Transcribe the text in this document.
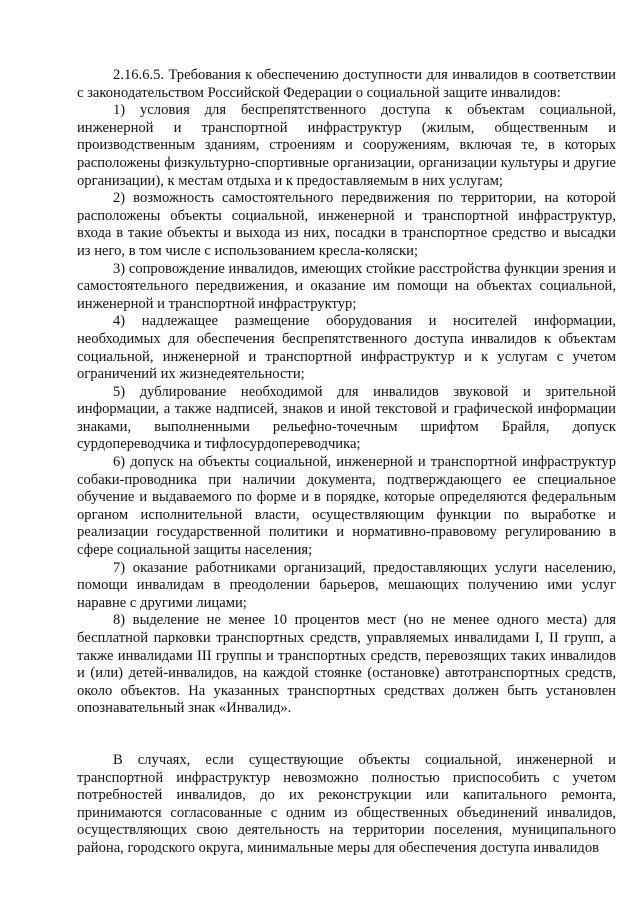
2.16.6.5. Требования к обеспечению доступности для инвалидов в соответствии с законодательством Российской Федерации о социальной защите инвалидов:

1) условия для беспрепятственного доступа к объектам социальной, инженерной и транспортной инфраструктур (жилым, общественным и производственным зданиям, строениям и сооружениям, включая те, в которых расположены физкультурно-спортивные организации, организации культуры и другие организации), к местам отдыха и к предоставляемым в них услугам;

2) возможность самостоятельного передвижения по территории, на которой расположены объекты социальной, инженерной и транспортной инфраструктур, входа в такие объекты и выхода из них, посадки в транспортное средство и высадки из него, в том числе с использованием кресла-коляски;

3) сопровождение инвалидов, имеющих стойкие расстройства функции зрения и самостоятельного передвижения, и оказание им помощи на объектах социальной, инженерной и транспортной инфраструктур;

4) надлежащее размещение оборудования и носителей информации, необходимых для обеспечения беспрепятственного доступа инвалидов к объектам социальной, инженерной и транспортной инфраструктур и к услугам с учетом ограничений их жизнедеятельности;

5) дублирование необходимой для инвалидов звуковой и зрительной информации, а также надписей, знаков и иной текстовой и графической информации знаками, выполненными рельефно-точечным шрифтом Брайля, допуск сурдопереводчика и тифлосурдопереводчика;

6) допуск на объекты социальной, инженерной и транспортной инфраструктур собаки-проводника при наличии документа, подтверждающего ее специальное обучение и выдаваемого по форме и в порядке, которые определяются федеральным органом исполнительной власти, осуществляющим функции по выработке и реализации государственной политики и нормативно-правовому регулированию в сфере социальной защиты населения;

7) оказание работниками организаций, предоставляющих услуги населению, помощи инвалидам в преодолении барьеров, мешающих получению ими услуг наравне с другими лицами;

8) выделение не менее 10 процентов мест (но не менее одного места) для бесплатной парковки транспортных средств, управляемых инвалидами I, II групп, а также инвалидами III группы и транспортных средств, перевозящих таких инвалидов и (или) детей-инвалидов, на каждой стоянке (остановке) автотранспортных средств, около объектов. На указанных транспортных средствах должен быть установлен опознавательный знак «Инвалид».

В случаях, если существующие объекты социальной, инженерной и транспортной инфраструктур невозможно полностью приспособить с учетом потребностей инвалидов, до их реконструкции или капитального ремонта, принимаются согласованные с одним из общественных объединений инвалидов, осуществляющих свою деятельность на территории поселения, муниципального района, городского округа, минимальные меры для обеспечения доступа инвалидов
